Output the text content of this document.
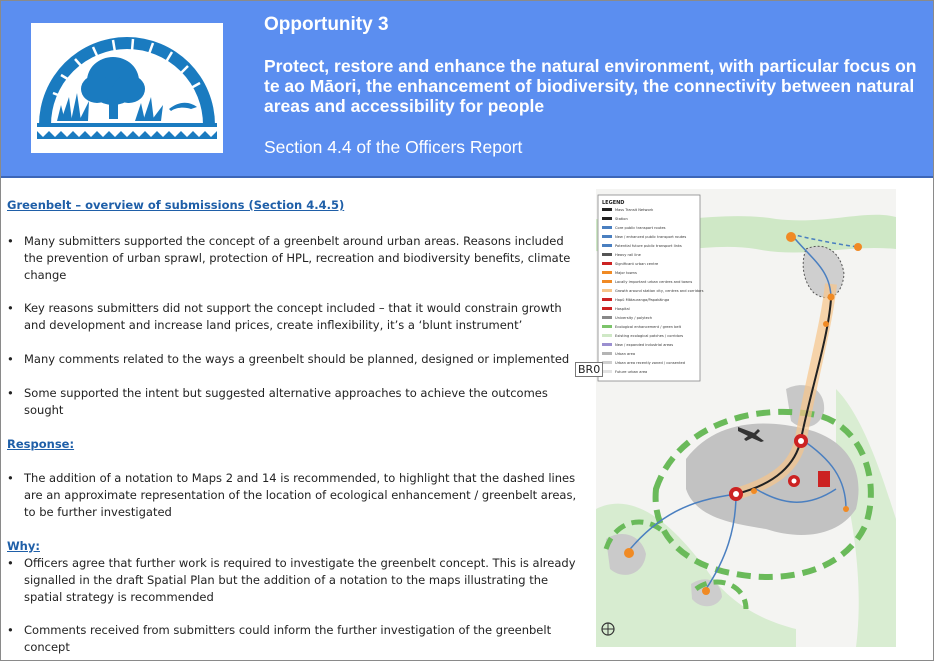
Opportunity 3
Protect, restore and enhance the natural environment, with particular focus on te ao Māori, the enhancement of biodiversity, the connectivity between natural areas and accessibility for people
Section 4.4 of the Officers Report
Greenbelt – overview of submissions (Section 4.4.5)
• Many submitters supported the concept of a greenbelt around urban areas. Reasons included the prevention of urban sprawl, protection of HPL, recreation and biodiversity benefits, climate change
• Key reasons submitters did not support the concept included – that it would constrain growth and development and increase land prices, create inflexibility, it’s a ‘blunt instrument’
• Many comments related to the ways a greenbelt should be planned, designed or implemented
• Some supported the intent but suggested alternative approaches to achieve the outcomes sought
Response:
• The addition of a notation to Maps 2 and 14 is recommended, to highlight that the dashed lines are an approximate representation of the location of ecological enhancement / greenbelt areas, to be further investigated
Why:
• Officers agree that further work is required to investigate the greenbelt concept. This is already signalled in the draft Spatial Plan but the addition of a notation to the maps illustrating the spatial strategy is recommended
• Comments received from submitters could inform the further investigation of the greenbelt concept
LEGEND
Mass Transit Network
Station
Core public transport routes
New / enhanced public transport routes
Potential future public transport links
Heavy rail line
Significant urban centre
Major towns
Locally important urban centres and towns
Growth around station city, centres and corridors
Hapū Mātauranga/Papakāinga
Hospital
University / polytech
Ecological enhancement / green belt
Existing ecological patches / corridors
New / expanded industrial areas
Urban area
Urban area recently zoned / consented
Future urban area
BR0
